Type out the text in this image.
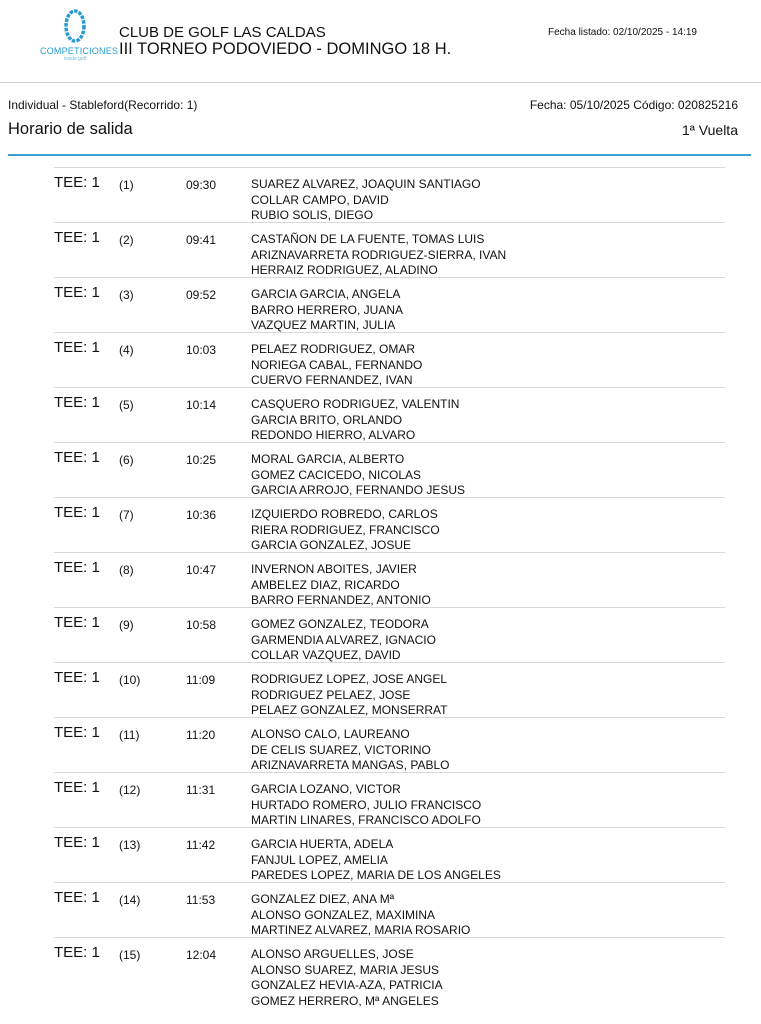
COMPETICIONES
inside golf
CLUB DE GOLF LAS CALDAS
III TORNEO PODOVIEDO - DOMINGO 18 H.
Fecha listado: 02/10/2025 - 14:19
Individual - Stableford(Recorrido: 1)	Fecha: 05/10/2025 Código: 020825216
Horario de salida	1ª Vuelta
TEE: 1 (1)	09:30	SUAREZ ALVAREZ, JOAQUIN SANTIAGO
COLLAR CAMPO, DAVID
RUBIO SOLIS, DIEGO
TEE: 1 (2)	09:41	CASTAÑON DE LA FUENTE, TOMAS LUIS
ARIZNAVARRETA RODRIGUEZ-SIERRA, IVAN
HERRAIZ RODRIGUEZ, ALADINO
TEE: 1 (3)	09:52	GARCIA GARCIA, ANGELA
BARRO HERRERO, JUANA
VAZQUEZ MARTIN, JULIA
TEE: 1 (4)	10:03	PELAEZ RODRIGUEZ, OMAR
NORIEGA CABAL, FERNANDO
CUERVO FERNANDEZ, IVAN
TEE: 1 (5)	10:14	CASQUERO RODRIGUEZ, VALENTIN
GARCIA BRITO, ORLANDO
REDONDO HIERRO, ALVARO
TEE: 1 (6)	10:25	MORAL GARCIA, ALBERTO
GOMEZ CACICEDO, NICOLAS
GARCIA ARROJO, FERNANDO JESUS
TEE: 1 (7)	10:36	IZQUIERDO ROBREDO, CARLOS
RIERA RODRIGUEZ, FRANCISCO
GARCIA GONZALEZ, JOSUE
TEE: 1 (8)	10:47	INVERNON ABOITES, JAVIER
AMBELEZ DIAZ, RICARDO
BARRO FERNANDEZ, ANTONIO
TEE: 1 (9)	10:58	GOMEZ GONZALEZ, TEODORA
GARMENDIA ALVAREZ, IGNACIO
COLLAR VAZQUEZ, DAVID
TEE: 1 (10)	11:09	RODRIGUEZ LOPEZ, JOSE ANGEL
RODRIGUEZ PELAEZ, JOSE
PELAEZ GONZALEZ, MONSERRAT
TEE: 1 (11)	11:20	ALONSO CALO, LAUREANO
DE CELIS SUAREZ, VICTORINO
ARIZNAVARRETA MANGAS, PABLO
TEE: 1 (12)	11:31	GARCIA LOZANO, VICTOR
HURTADO ROMERO, JULIO FRANCISCO
MARTIN LINARES, FRANCISCO ADOLFO
TEE: 1 (13)	11:42	GARCIA HUERTA, ADELA
FANJUL LOPEZ, AMELIA
PAREDES LOPEZ, MARIA DE LOS ANGELES
TEE: 1 (14)	11:53	GONZALEZ DIEZ, ANA Mª
ALONSO GONZALEZ, MAXIMINA
MARTINEZ ALVAREZ, MARIA ROSARIO
TEE: 1 (15)	12:04	ALONSO ARGUELLES, JOSE
ALONSO SUAREZ, MARIA JESUS
GONZALEZ HEVIA-AZA, PATRICIA
GOMEZ HERRERO, Mª ANGELES
